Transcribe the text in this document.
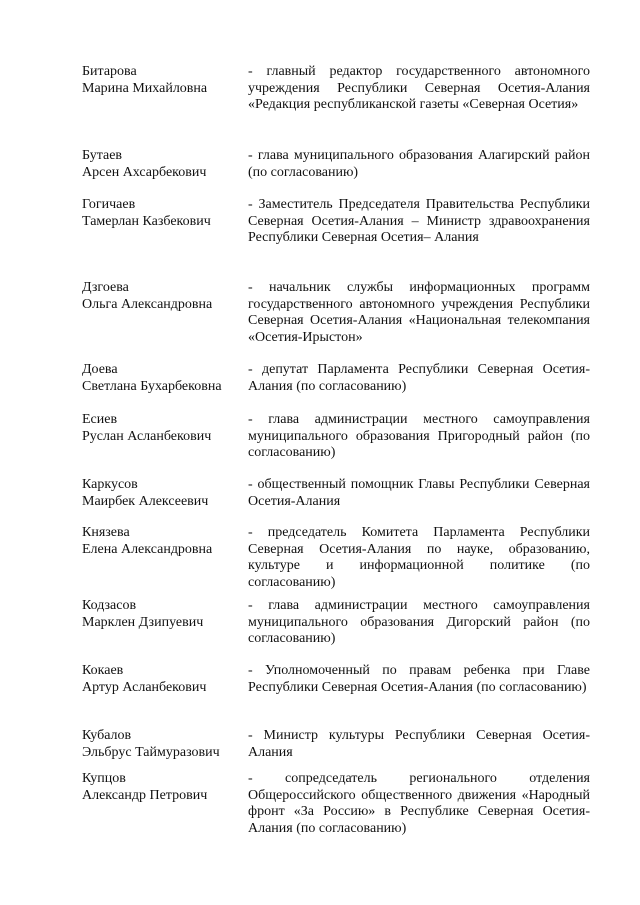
Битарова
Марина Михайловна
- главный редактор государственного автономного учреждения Республики Северная Осетия-Алания «Редакция республиканской газеты «Северная Осетия»
Бутаев
Арсен Ахсарбекович
- глава муниципального образования Алагирский район (по согласованию)
Гогичаев
Тамерлан Казбекович
- Заместитель Председателя Правительства Республики Северная Осетия-Алания – Министр здравоохранения Республики Северная Осетия– Алания
Дзгоева
Ольга Александровна
- начальник службы информационных программ государственного автономного учреждения Республики Северная Осетия-Алания «Национальная телекомпания «Осетия-Ирыстон»
Доева
Светлана Бухарбековна
- депутат Парламента Республики Северная Осетия-Алания (по согласованию)
Есиев
Руслан Асланбекович
- глава администрации местного самоуправления муниципального образования Пригородный район (по согласованию)
Каркусов
Маирбек Алексеевич
- общественный помощник Главы Республики Северная Осетия-Алания
Князева
Елена Александровна
- председатель Комитета Парламента Республики Северная Осетия-Алания по науке, образованию, культуре и информационной политике (по согласованию)
Кодзасов
Марклен Дзипуевич
- глава администрации местного самоуправления муниципального образования Дигорский район (по согласованию)
Кокаев
Артур Асланбекович
- Уполномоченный по правам ребенка при Главе Республики Северная Осетия-Алания (по согласованию)
Кубалов
Эльбрус Таймуразович
- Министр культуры Республики Северная Осетия-Алания
Купцов
Александр Петрович
- сопредседатель регионального отделения Общероссийского общественного движения «Народный фронт «За Россию» в Республике Северная Осетия-Алания (по согласованию)
